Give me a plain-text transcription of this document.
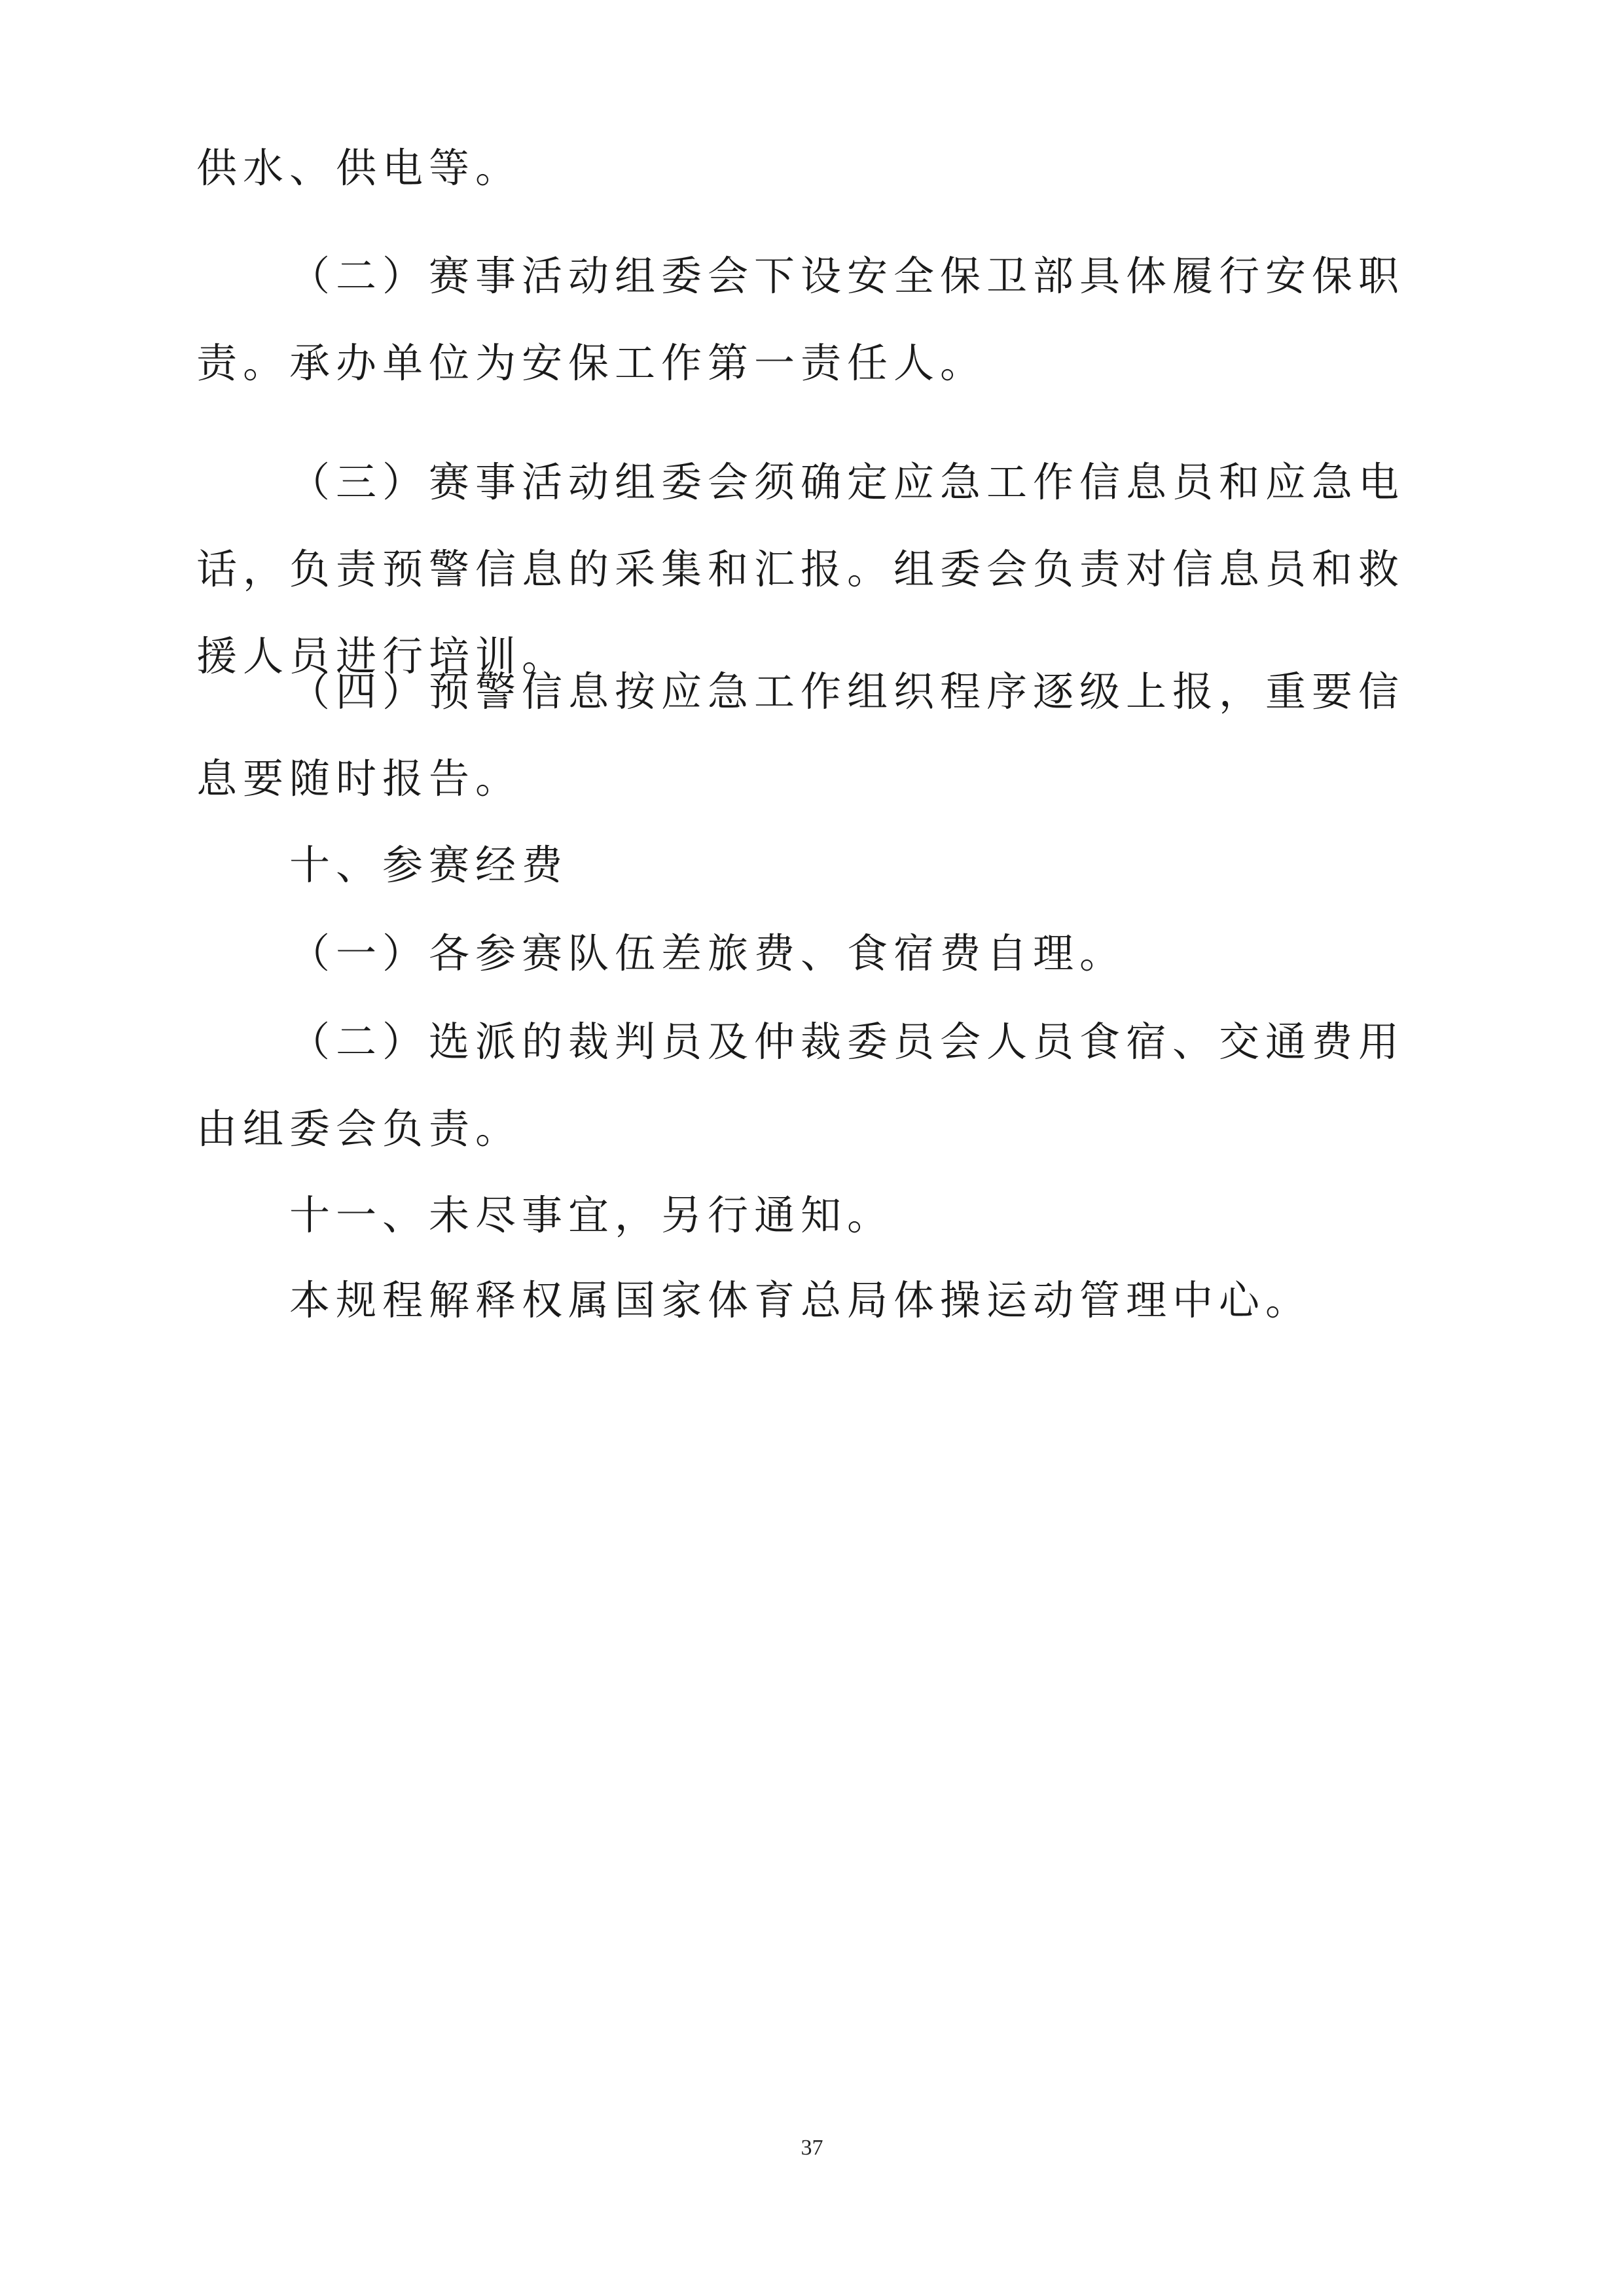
供水、供电等。

（二）赛事活动组委会下设安全保卫部具体履行安保职责。承办单位为安保工作第一责任人。

（三）赛事活动组委会须确定应急工作信息员和应急电话，负责预警信息的采集和汇报。组委会负责对信息员和救援人员进行培训。

（四）预警信息按应急工作组织程序逐级上报，重要信息要随时报告。

十、参赛经费

（一）各参赛队伍差旅费、食宿费自理。

（二）选派的裁判员及仲裁委员会人员食宿、交通费用由组委会负责。

十一、未尽事宜，另行通知。

本规程解释权属国家体育总局体操运动管理中心。

37
